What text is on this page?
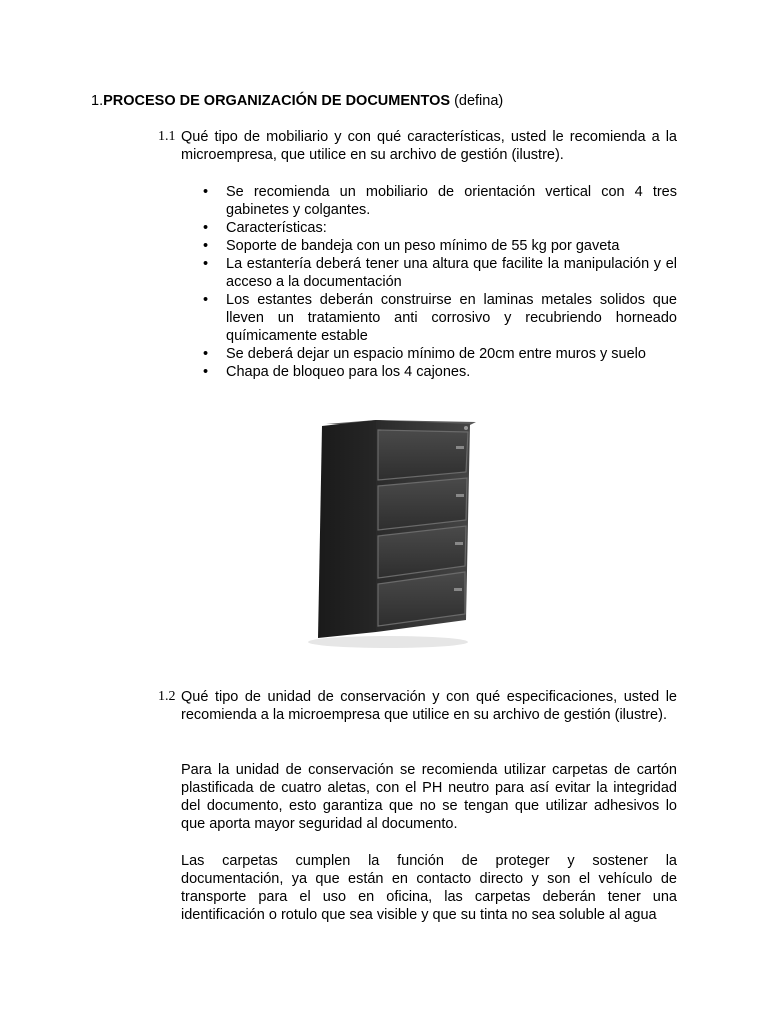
1.PROCESO DE ORGANIZACIÓN DE DOCUMENTOS (defina)
1.1 Qué tipo de mobiliario y con qué características, usted le recomienda a la microempresa, que utilice en su archivo de gestión (ilustre).
• Se recomienda un mobiliario de orientación vertical con 4 tres gabinetes y colgantes.
• Características:
• Soporte de bandeja con un peso mínimo de 55 kg por gaveta
• La estantería deberá tener una altura que facilite la manipulación y el acceso a la documentación
• Los estantes deberán construirse en laminas metales solidos que lleven un tratamiento anti corrosivo y recubriendo horneado químicamente estable
• Se deberá dejar un espacio mínimo de 20cm entre muros y suelo
• Chapa de bloqueo para los 4 cajones.
1.2 Qué tipo de unidad de conservación y con qué especificaciones, usted le recomienda a la microempresa que utilice en su archivo de gestión (ilustre).
Para la unidad de conservación se recomienda utilizar carpetas de cartón plastificada de cuatro aletas, con el PH neutro para así evitar la integridad del documento, esto garantiza que no se tengan que utilizar adhesivos lo que aporta mayor seguridad al documento.
Las carpetas cumplen la función de proteger y sostener la
documentación, ya que están en contacto directo y son el vehículo de
transporte para el uso en oficina, las carpetas deberán tener una
identificación o rotulo que sea visible y que su tinta no sea soluble al agua
